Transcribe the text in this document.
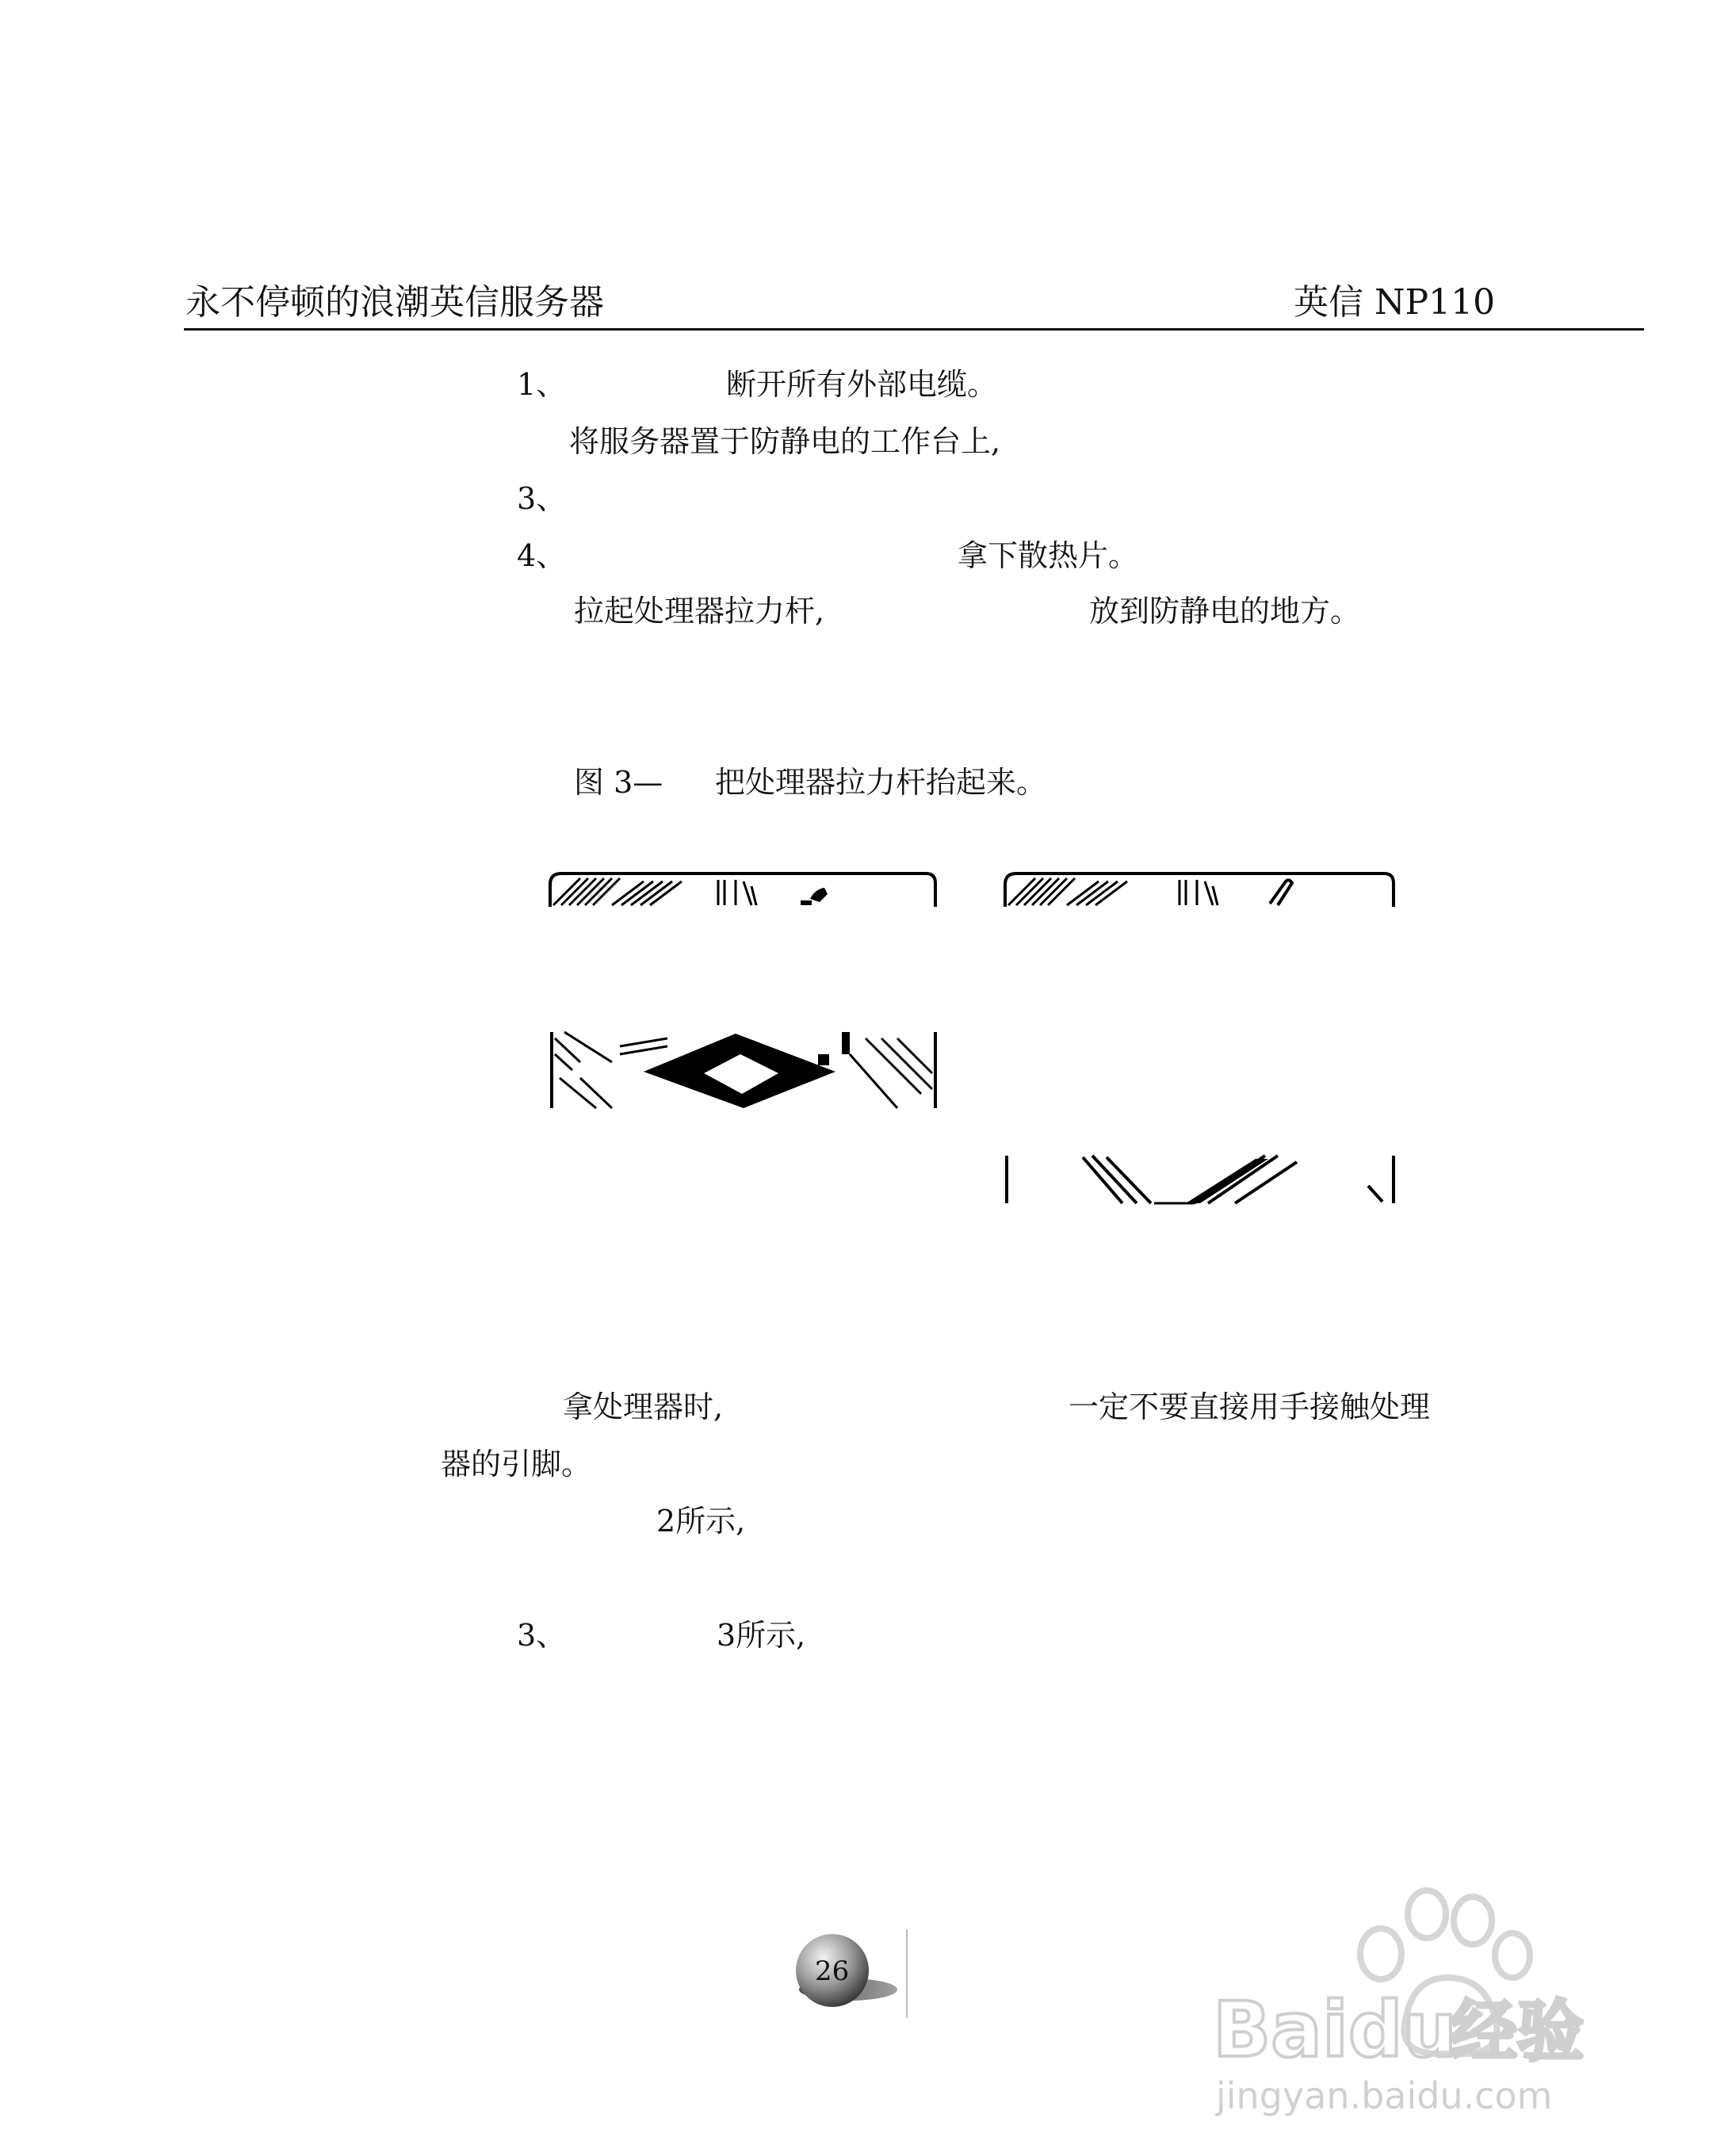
永不停顿的浪潮英信服务器	英信 NP110
1、	断开所有外部电缆。
将服务器置于防静电的工作台上,
3、
4、	拿下散热片。
拉起处理器拉力杆,	放到防静电的地方。
图 3— 把处理器拉力杆抬起来。
拿处理器时,	一定不要直接用手接触处理
器的引脚。
2所示,
3、	3所示,
26
Baidu
经验
jingyan.baidu.com
